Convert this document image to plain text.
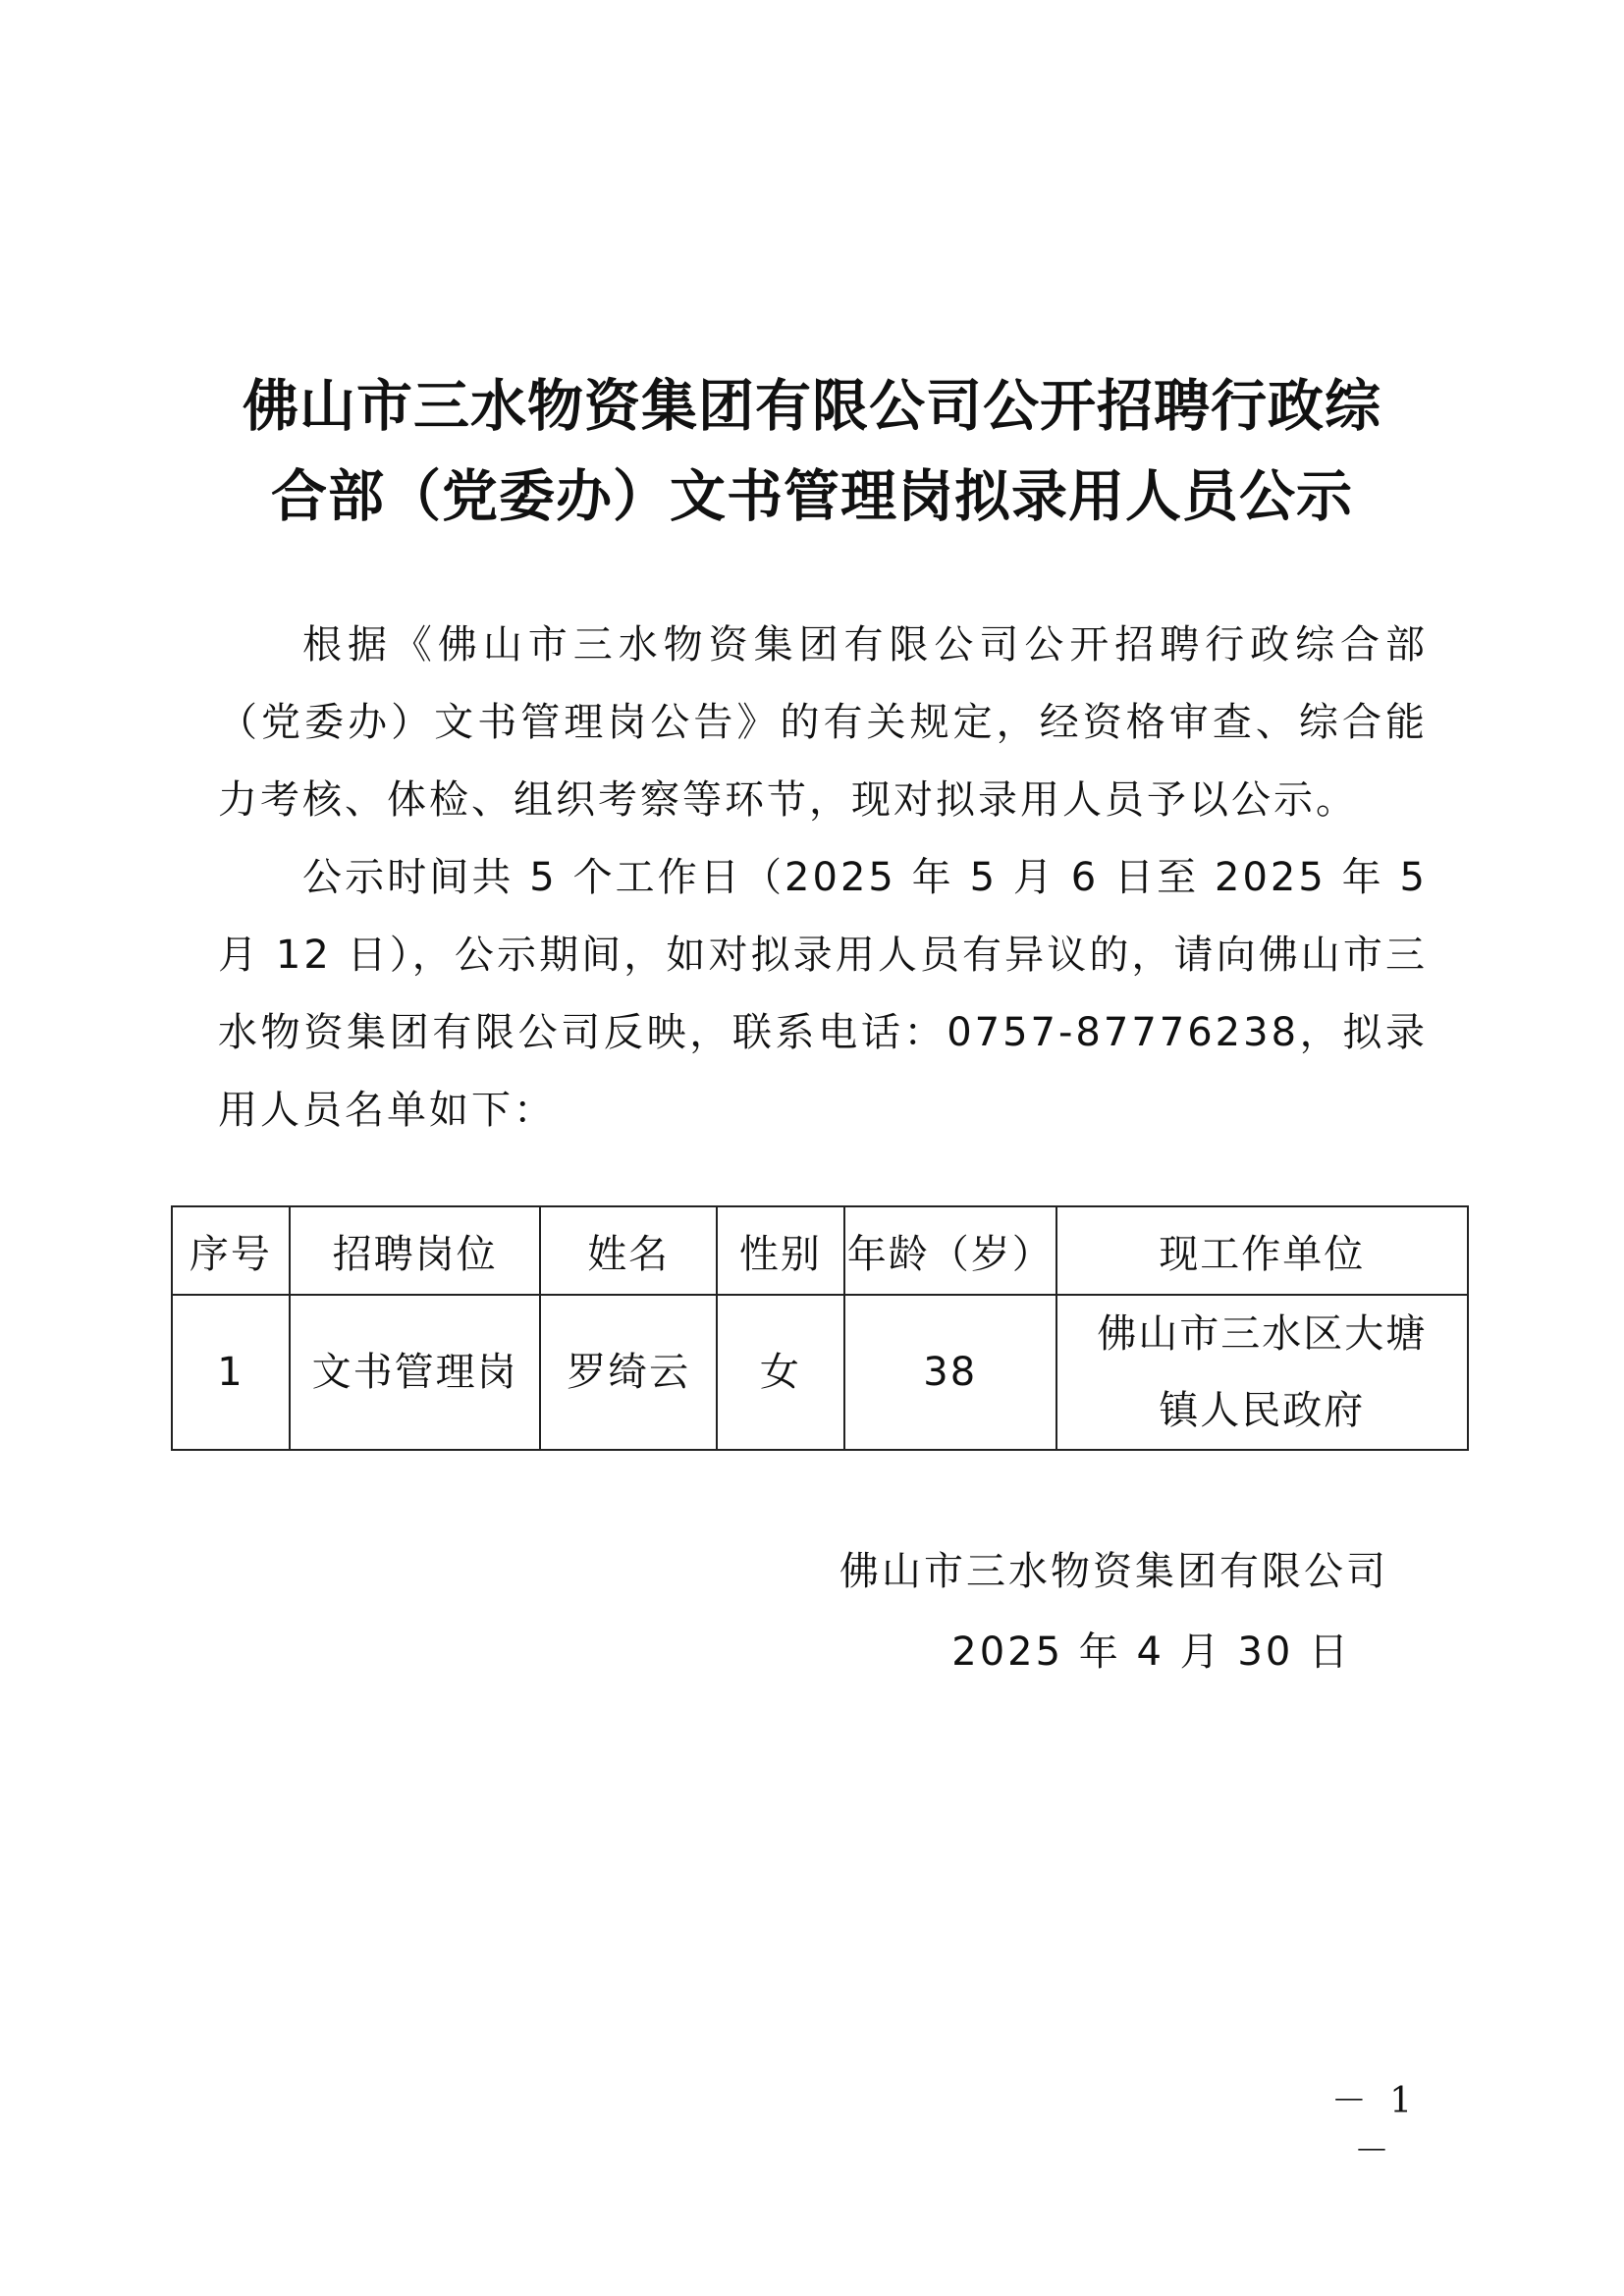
佛山市三水物资集团有限公司公开招聘行政综
合部（党委办）文书管理岗拟录用人员公示

根据《佛山市三水物资集团有限公司公开招聘行政综合部（党委办）文书管理岗公告》的有关规定，经资格审查、综合能力考核、体检、组织考察等环节，现对拟录用人员予以公示。

公示时间共 5 个工作日（2025 年 5 月 6 日至 2025 年 5 月 12 日），公示期间，如对拟录用人员有异议的，请向佛山市三水物资集团有限公司反映，联系电话：0757-87776238，拟录用人员名单如下：

序号	招聘岗位	姓名	性别	年龄（岁）	现工作单位
1	文书管理岗	罗绮云	女	38	佛山市三水区大塘镇人民政府
佛山市三水物资集团有限公司
2025 年 4 月 30 日
－ 1 －
